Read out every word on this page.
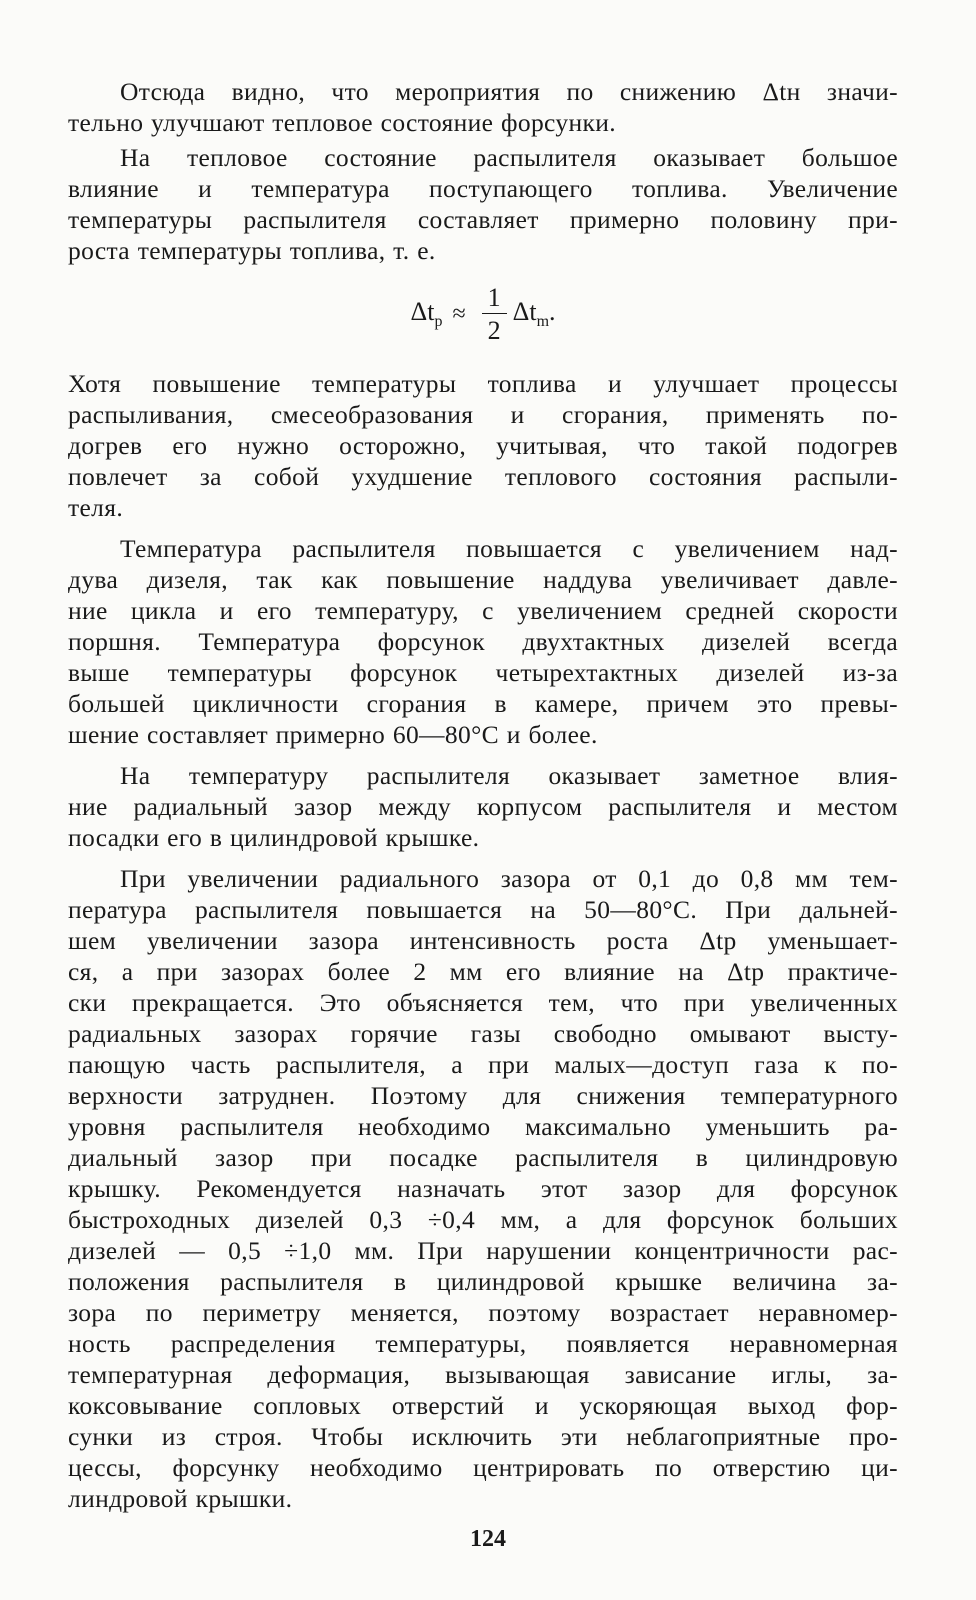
Отсюда видно, что мероприятия по снижению Δtн значи-
тельно улучшают тепловое состояние форсунки.

На тепловое состояние распылителя оказывает большое
влияние и температура поступающего топлива. Увеличение
температуры распылителя составляет примерно половину при-
роста температуры топлива, т. е.

$\Delta t_р \approx \frac{1}{2} \Delta t_m$.

Хотя повышение температуры топлива и улучшает процессы
распыливания, смесеобразования и сгорания, применять по-
догрев его нужно осторожно, учитывая, что такой подогрев
повлечет за собой ухудшение теплового состояния распыли-
теля.

Температура распылителя повышается с увеличением над-
дува дизеля, так как повышение наддува увеличивает давле-
ние цикла и его температуру, с увеличением средней скорости
поршня. Температура форсунок двухтактных дизелей всегда
выше температуры форсунок четырехтактных дизелей из-за
большей цикличности сгорания в камере, причем это превы-
шение составляет примерно 60—80°С и более.

На температуру распылителя оказывает заметное влия-
ние радиальный зазор между корпусом распылителя и местом
посадки его в цилиндровой крышке.

При увеличении радиального зазора от 0,1 до 0,8 мм тем-
пература распылителя повышается на 50—80°С. При дальней-
шем увеличении зазора интенсивность роста Δtр уменьшает-
ся, а при зазорах более 2 мм его влияние на Δtр практиче-
ски прекращается. Это объясняется тем, что при увеличенных
радиальных зазорах горячие газы свободно омывают высту-
пающую часть распылителя, а при малых—доступ газа к по-
верхности затруднен. Поэтому для снижения температурного
уровня распылителя необходимо максимально уменьшить ра-
диальный зазор при посадке распылителя в цилиндровую
крышку. Рекомендуется назначать этот зазор для форсунок
быстроходных дизелей 0,3 ÷0,4 мм, а для форсунок больших
дизелей — 0,5 ÷1,0 мм. При нарушении концентричности рас-
положения распылителя в цилиндровой крышке величина за-
зора по периметру меняется, поэтому возрастает неравномер-
ность распределения температуры, появляется неравномерная
температурная деформация, вызывающая зависание иглы, за-
коксовывание сопловых отверстий и ускоряющая выход фор-
сунки из строя. Чтобы исключить эти неблагоприятные про-
цессы, форсунку необходимо центрировать по отверстию ци-
линдровой крышки.

124
